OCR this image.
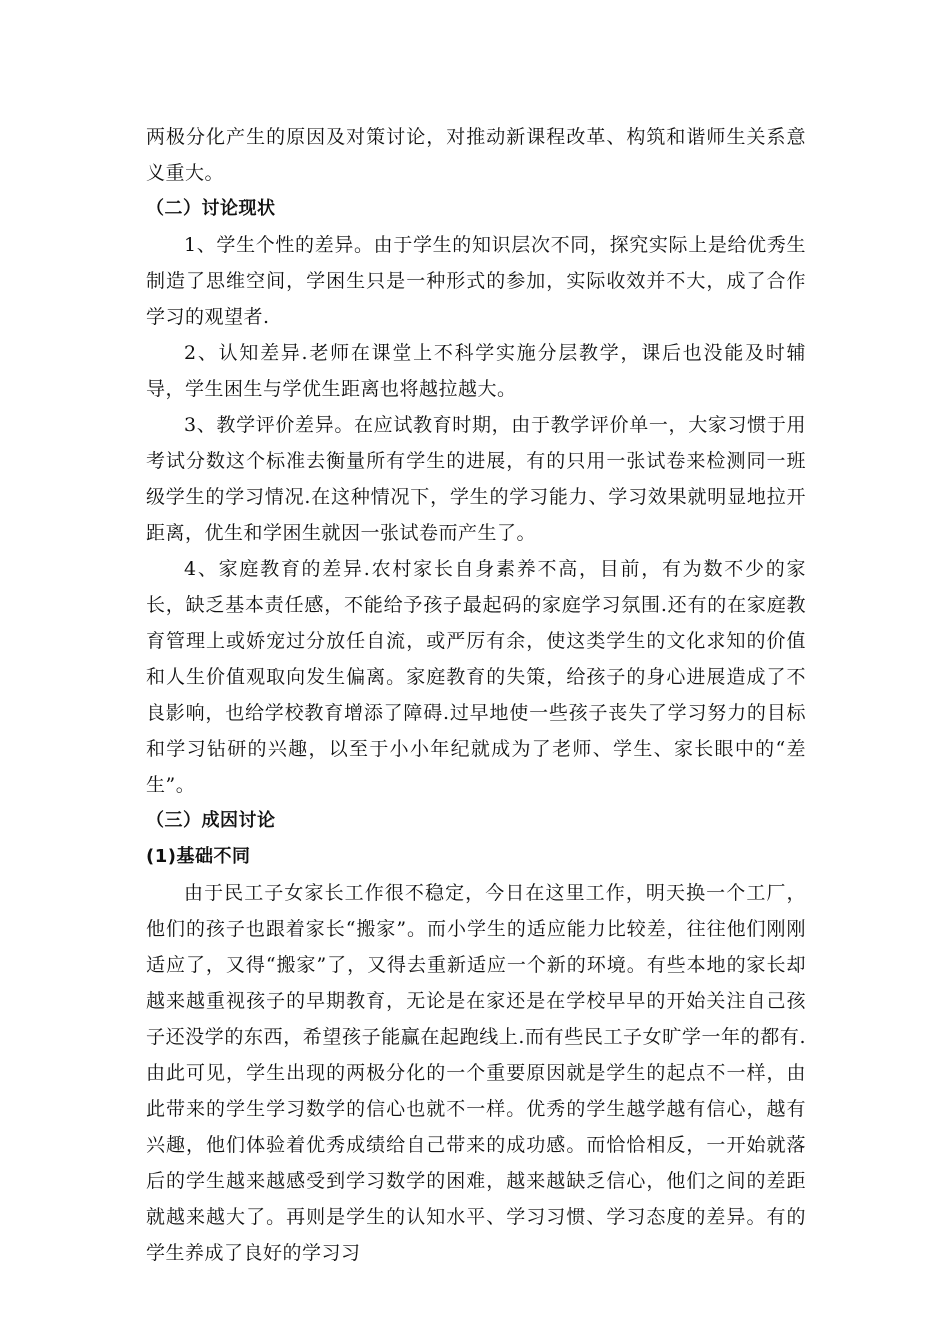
两极分化产生的原因及对策讨论，对推动新课程改革、构筑和谐师生关系意义重大。

（二）讨论现状

1、学生个性的差异。由于学生的知识层次不同，探究实际上是给优秀生制造了思维空间，学困生只是一种形式的参加，实际收效并不大，成了合作学习的观望者.

2、认知差异.老师在课堂上不科学实施分层教学，课后也没能及时辅导，学生困生与学优生距离也将越拉越大。

3、教学评价差异。在应试教育时期，由于教学评价单一，大家习惯于用考试分数这个标准去衡量所有学生的进展，有的只用一张试卷来检测同一班级学生的学习情况.在这种情况下，学生的学习能力、学习效果就明显地拉开距离，优生和学困生就因一张试卷而产生了。

4、家庭教育的差异.农村家长自身素养不高，目前，有为数不少的家长，缺乏基本责任感，不能给予孩子最起码的家庭学习氛围.还有的在家庭教育管理上或娇宠过分放任自流，或严厉有余，使这类学生的文化求知的价值和人生价值观取向发生偏离。家庭教育的失策，给孩子的身心进展造成了不良影响，也给学校教育增添了障碍.过早地使一些孩子丧失了学习努力的目标和学习钻研的兴趣，以至于小小年纪就成为了老师、学生、家长眼中的“差生”。

（三）成因讨论

(1)基础不同

由于民工子女家长工作很不稳定，今日在这里工作，明天换一个工厂，他们的孩子也跟着家长“搬家”。而小学生的适应能力比较差，往往他们刚刚适应了，又得“搬家”了，又得去重新适应一个新的环境。有些本地的家长却越来越重视孩子的早期教育，无论是在家还是在学校早早的开始关注自己孩子还没学的东西，希望孩子能赢在起跑线上.而有些民工子女旷学一年的都有.由此可见，学生出现的两极分化的一个重要原因就是学生的起点不一样，由此带来的学生学习数学的信心也就不一样。优秀的学生越学越有信心，越有兴趣，他们体验着优秀成绩给自己带来的成功感。而恰恰相反，一开始就落后的学生越来越感受到学习数学的困难，越来越缺乏信心，他们之间的差距就越来越大了。再则是学生的认知水平、学习习惯、学习态度的差异。有的学生养成了良好的学习习
